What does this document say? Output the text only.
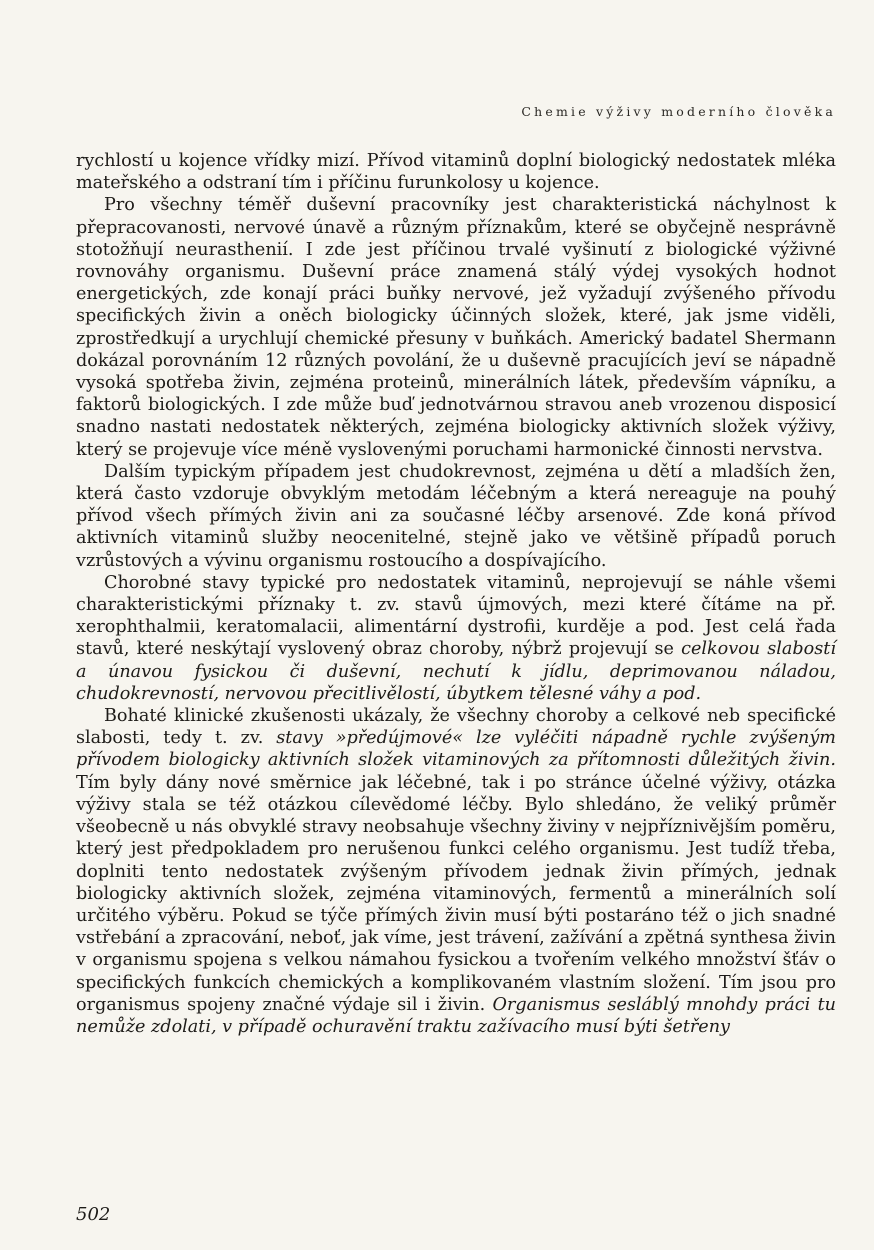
Chemie výživy moderního člověka

rychlostí u kojence vřídky mizí. Přívod vitaminů doplní biologický nedostatek mléka mateřského a odstraní tím i příčinu furunkolosy u kojence.

Pro všechny téměř duševní pracovníky jest charakteristická náchylnost k přepracovanosti, nervové únavě a různým příznakům, které se obyčejně nesprávně stotožňují neurasthenií. I zde jest příčinou trvalé vyšinutí z biologické výživné rovnováhy organismu. Duševní práce znamená stálý výdej vysokých hodnot energetických, zde konají práci buňky nervové, jež vyžadují zvýšeného přívodu specifických živin a oněch biologicky účinných složek, které, jak jsme viděli, zprostředkují a urychlují chemické přesuny v buňkách. Americký badatel Shermann dokázal porovnáním 12 různých povolání, že u duševně pracujících jeví se nápadně vysoká spotřeba živin, zejména proteinů, minerálních látek, především vápníku, a faktorů biologických. I zde může buď jednotvárnou stravou aneb vrozenou disposicí snadno nastati nedostatek některých, zejména biologicky aktivních složek výživy, který se projevuje více méně vyslovenými poruchami harmonické činnosti nervstva.

Dalším typickým případem jest chudokrevnost, zejména u dětí a mladších žen, která často vzdoruje obvyklým metodám léčebným a která nereaguje na pouhý přívod všech přímých živin ani za současné léčby arsenové. Zde koná přívod aktivních vitaminů služby neocenitelné, stejně jako ve většině případů poruch vzrůstových a vývinu organismu rostoucího a dospívajícího.

Chorobné stavy typické pro nedostatek vitaminů, neprojevují se náhle všemi charakteristickými příznaky t. zv. stavů újmových, mezi které čítáme na př. xerophthalmii, keratomalacii, alimentární dystrofii, kurděje a pod. Jest celá řada stavů, které neskýtají vyslovený obraz choroby, nýbrž projevují se celkovou slabostí a únavou fysickou či duševní, nechutí k jídlu, deprimovanou náladou, chudokrevností, nervovou přecitlivělostí, úbytkem tělesné váhy a pod.

Bohaté klinické zkušenosti ukázaly, že všechny choroby a celkové neb specifické slabosti, tedy t. zv. stavy »předújmové« lze vyléčiti nápadně rychle zvýšeným přívodem biologicky aktivních složek vitaminových za přítomnosti důležitých živin. Tím byly dány nové směrnice jak léčebné, tak i po stránce účelné výživy, otázka výživy stala se též otázkou cílevědomé léčby. Bylo shledáno, že veliký průměr všeobecně u nás obvyklé stravy neobsahuje všechny živiny v nejpříznivějším poměru, který jest předpokladem pro nerušenou funkci celého organismu. Jest tudíž třeba, doplniti tento nedostatek zvýšeným přívodem jednak živin přímých, jednak biologicky aktivních složek, zejména vitaminových, fermentů a minerálních solí určitého výběru. Pokud se týče přímých živin musí býti postaráno též o jich snadné vstřebání a zpracování, neboť, jak víme, jest trávení, zažívání a zpětná synthesa živin v organismu spojena s velkou námahou fysickou a tvořením velkého množství šťáv o specifických funkcích chemických a komplikovaném vlastním složení. Tím jsou pro organismus spojeny značné výdaje sil i živin. Organismus sesláblý mnohdy práci tu nemůže zdolati, v případě ochuravění traktu zažívacího musí býti šetřeny

502
